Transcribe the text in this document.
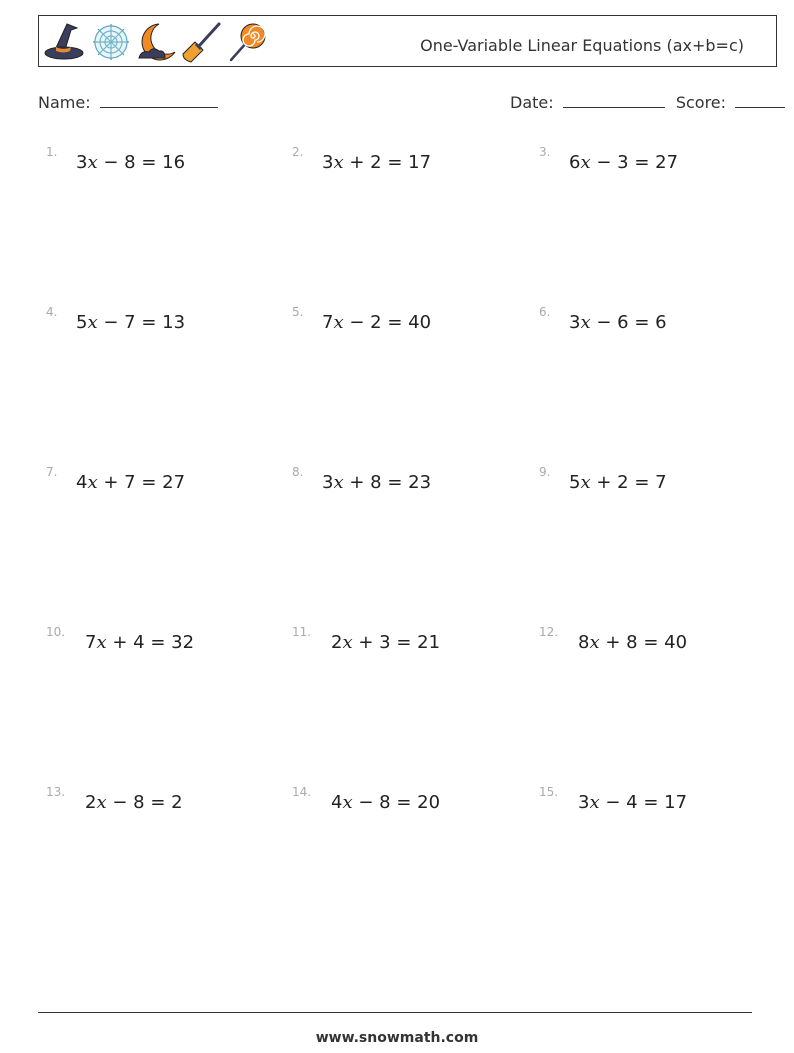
One-Variable Linear Equations (ax+b=c)
Name:	Date:	Score:
1. 3x − 8 = 16	2. 3x + 2 = 17	3. 6x − 3 = 27
4. 5x − 7 = 13	5. 7x − 2 = 40	6. 3x − 6 = 6
7. 4x + 7 = 27	8. 3x + 8 = 23	9. 5x + 2 = 7
10. 7x + 4 = 32	11. 2x + 3 = 21	12. 8x + 8 = 40
13. 2x − 8 = 2	14. 4x − 8 = 20	15. 3x − 4 = 17
www.snowmath.com
